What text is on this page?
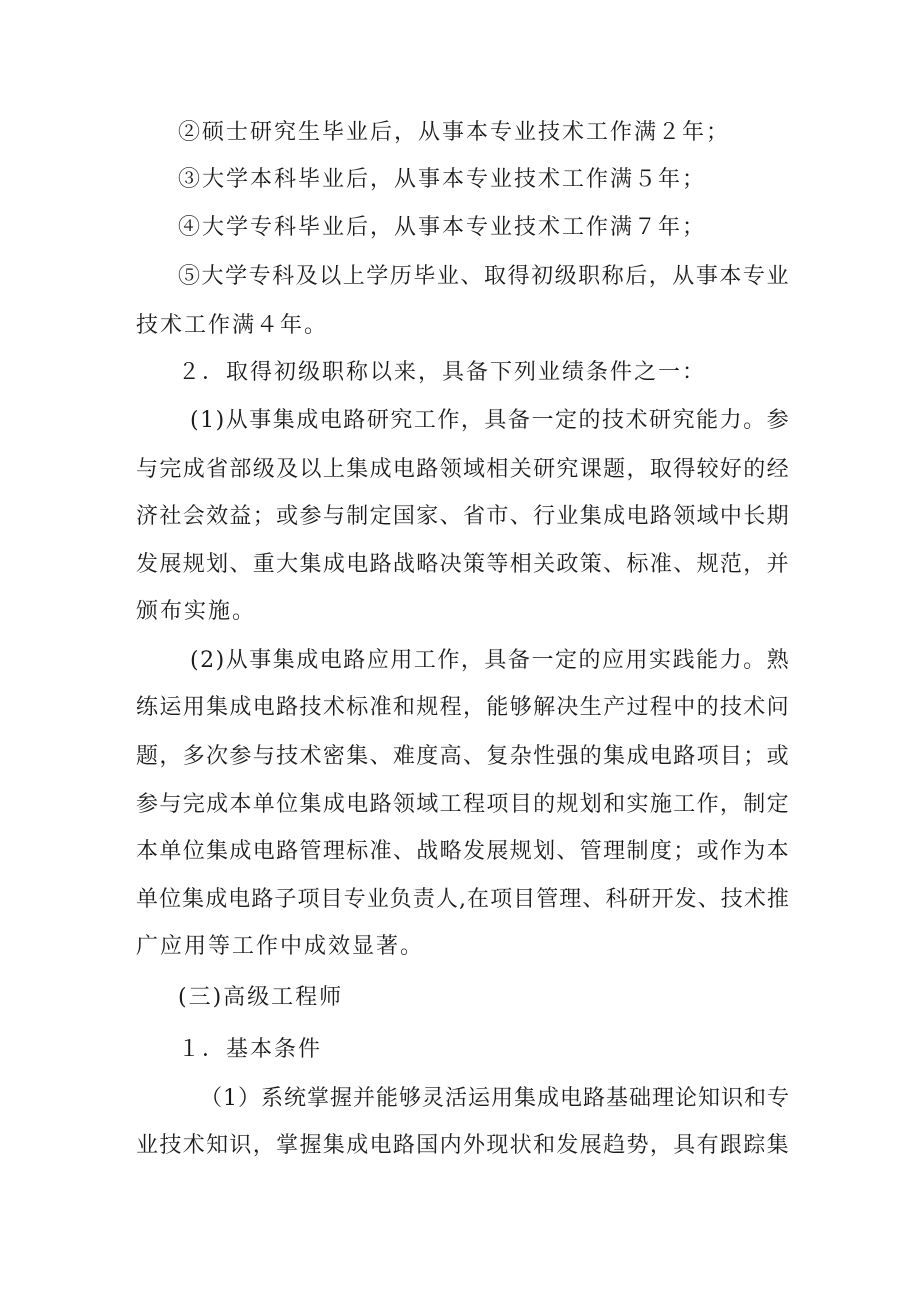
②硕士研究生毕业后，从事本专业技术工作满２年；
③大学本科毕业后，从事本专业技术工作满５年；
④大学专科毕业后，从事本专业技术工作满７年；
⑤大学专科及以上学历毕业、取得初级职称后，从事本专业
技术工作满４年。
２．取得初级职称以来，具备下列业绩条件之一：
(1)从事集成电路研究工作，具备一定的技术研究能力。参
与完成省部级及以上集成电路领域相关研究课题，取得较好的经
济社会效益；或参与制定国家、省市、行业集成电路领域中长期
发展规划、重大集成电路战略决策等相关政策、标准、规范，并
颁布实施。
(2)从事集成电路应用工作，具备一定的应用实践能力。熟
练运用集成电路技术标准和规程，能够解决生产过程中的技术问
题，多次参与技术密集、难度高、复杂性强的集成电路项目；或
参与完成本单位集成电路领域工程项目的规划和实施工作，制定
本单位集成电路管理标准、战略发展规划、管理制度；或作为本
单位集成电路子项目专业负责人,在项目管理、科研开发、技术推
广应用等工作中成效显著。
(三)高级工程师
１．基本条件
（1）系统掌握并能够灵活运用集成电路基础理论知识和专
业技术知识，掌握集成电路国内外现状和发展趋势，具有跟踪集
